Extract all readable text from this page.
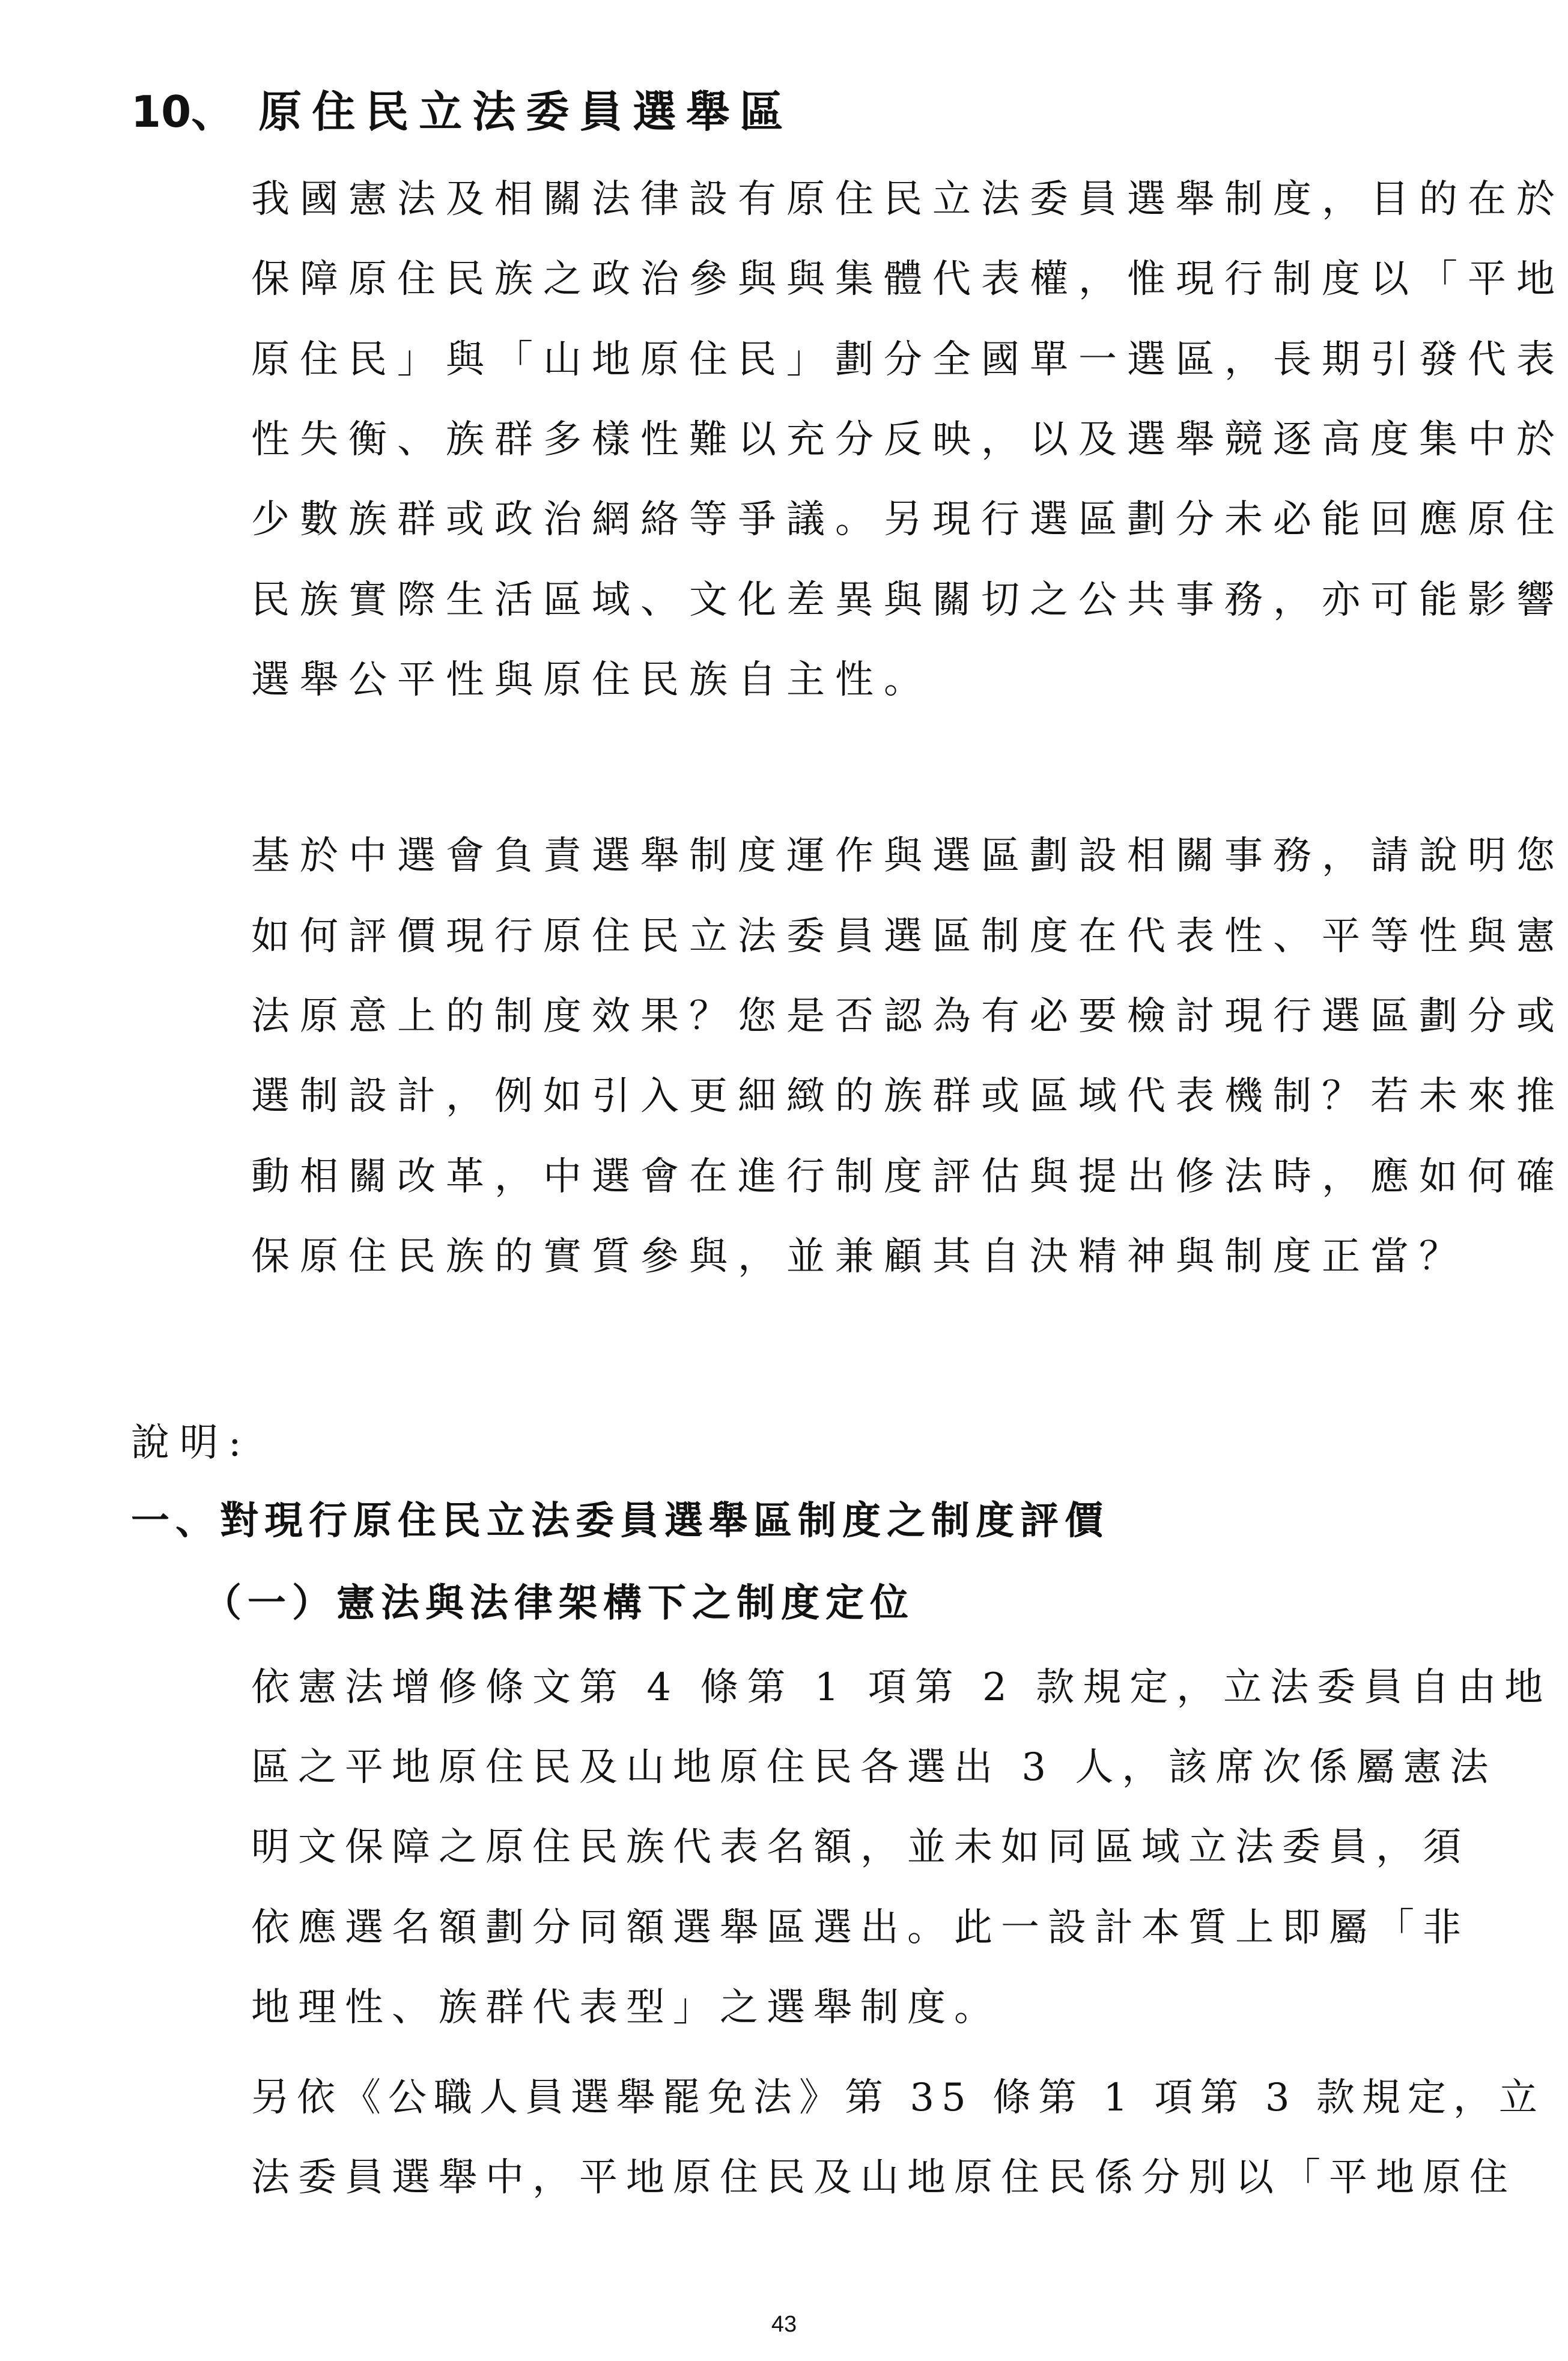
10、 原住民立法委員選舉區

我國憲法及相關法律設有原住民立法委員選舉制度，目的在於

保障原住民族之政治參與與集體代表權，惟現行制度以「平地

原住民」與「山地原住民」劃分全國單一選區，長期引發代表

性失衡、族群多樣性難以充分反映，以及選舉競逐高度集中於

少數族群或政治網絡等爭議。另現行選區劃分未必能回應原住

民族實際生活區域、文化差異與關切之公共事務，亦可能影響

選舉公平性與原住民族自主性。

基於中選會負責選舉制度運作與選區劃設相關事務，請說明您

如何評價現行原住民立法委員選區制度在代表性、平等性與憲

法原意上的制度效果？您是否認為有必要檢討現行選區劃分或

選制設計，例如引入更細緻的族群或區域代表機制？若未來推

動相關改革，中選會在進行制度評估與提出修法時，應如何確

保原住民族的實質參與，並兼顧其自決精神與制度正當？

說明:

一、對現行原住民立法委員選舉區制度之制度評價

（一）憲法與法律架構下之制度定位

依憲法增修條文第 4 條第 1 項第 2 款規定，立法委員自由地

區之平地原住民及山地原住民各選出 3 人，該席次係屬憲法

明文保障之原住民族代表名額，並未如同區域立法委員，須

依應選名額劃分同額選舉區選出。此一設計本質上即屬「非

地理性、族群代表型」之選舉制度。

另依《公職人員選舉罷免法》第 35 條第 1 項第 3 款規定，立

法委員選舉中，平地原住民及山地原住民係分別以「平地原住

43
